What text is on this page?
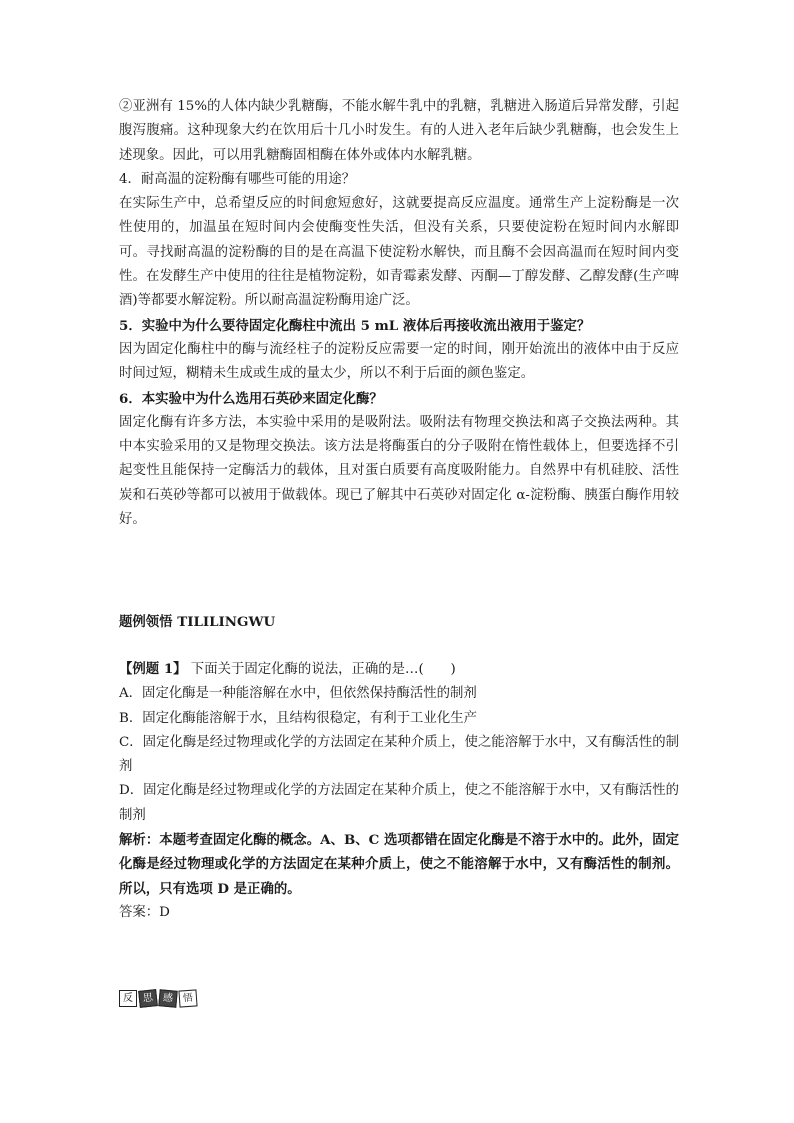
②亚洲有 15%的人体内缺少乳糖酶，不能水解牛乳中的乳糖，乳糖进入肠道后异常发酵，引起腹泻腹痛。这种现象大约在饮用后十几小时发生。有的人进入老年后缺少乳糖酶，也会发生上述现象。因此，可以用乳糖酶固相酶在体外或体内水解乳糖。

4．耐高温的淀粉酶有哪些可能的用途？

在实际生产中，总希望反应的时间愈短愈好，这就要提高反应温度。通常生产上淀粉酶是一次性使用的，加温虽在短时间内会使酶变性失活，但没有关系，只要使淀粉在短时间内水解即可。寻找耐高温的淀粉酶的目的是在高温下使淀粉水解快，而且酶不会因高温而在短时间内变性。在发酵生产中使用的往往是植物淀粉，如青霉素发酵、丙酮—丁醇发酵、乙醇发酵(生产啤酒)等都要水解淀粉。所以耐高温淀粉酶用途广泛。

5．实验中为什么要待固定化酶柱中流出 5 mL 液体后再接收流出液用于鉴定？

因为固定化酶柱中的酶与流经柱子的淀粉反应需要一定的时间，刚开始流出的液体中由于反应时间过短，糊精未生成或生成的量太少，所以不利于后面的颜色鉴定。

6．本实验中为什么选用石英砂来固定化酶？

固定化酶有许多方法，本实验中采用的是吸附法。吸附法有物理交换法和离子交换法两种。其中本实验采用的又是物理交换法。该方法是将酶蛋白的分子吸附在惰性载体上，但要选择不引起变性且能保持一定酶活力的载体，且对蛋白质要有高度吸附能力。自然界中有机硅胶、活性炭和石英砂等都可以被用于做载体。现已了解其中石英砂对固定化 α-淀粉酶、胰蛋白酶作用较好。

题例领悟 TILILINGWU

【例题 1】 下面关于固定化酶的说法，正确的是…(　　)

A．固定化酶是一种能溶解在水中，但依然保持酶活性的制剂

B．固定化酶能溶解于水，且结构很稳定，有利于工业化生产

C．固定化酶是经过物理或化学的方法固定在某种介质上，使之能溶解于水中，又有酶活性的制剂

D．固定化酶是经过物理或化学的方法固定在某种介质上，使之不能溶解于水中，又有酶活性的制剂

解析：本题考查固定化酶的概念。A、B、C 选项都错在固定化酶是不溶于水中的。此外，固定化酶是经过物理或化学的方法固定在某种介质上，使之不能溶解于水中，又有酶活性的制剂。所以，只有选项 D 是正确的。

答案：D

反 思 感 悟
